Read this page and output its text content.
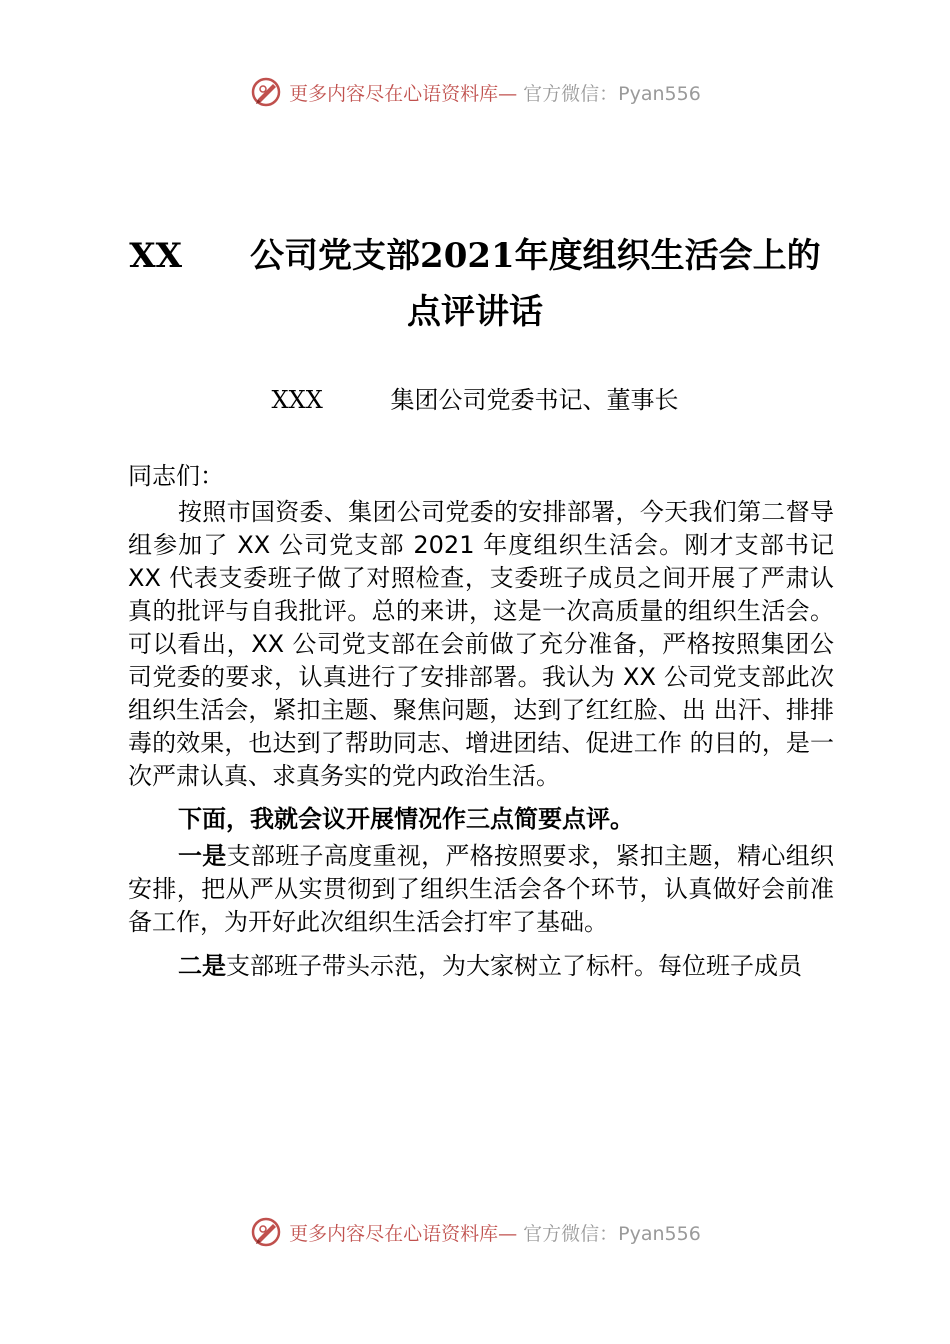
更多内容尽在心语资料库— 官方微信：Pyan556
XX　　公司党支部2021年度组织生活会上的
点评讲话
XXX	集团公司党委书记、董事长
同志们：

按照市国资委、集团公司党委的安排部署，今天我们第二督导组参加了 XX 公司党支部 2021 年度组织生活会。刚才支部书记 XX 代表支委班子做了对照检查，支委班子成员之间开展了严肃认真的批评与自我批评。总的来讲，这是一次高质量的组织生活会。可以看出，XX 公司党支部在会前做了充分准备，严格按照集团公司党委的要求，认真进行了安排部署。我认为 XX 公司党支部此次组织生活会，紧扣主题、聚焦问题，达到了红红脸、出 出汗、排排毒的效果，也达到了帮助同志、增进团结、促进工作 的目的，是一次严肃认真、求真务实的党内政治生活。

下面，我就会议开展情况作三点简要点评。

一是支部班子高度重视，严格按照要求，紧扣主题，精心组织安排，把从严从实贯彻到了组织生活会各个环节，认真做好会前准备工作，为开好此次组织生活会打牢了基础。

二是支部班子带头示范，为大家树立了标杆。每位班子成员

更多内容尽在心语资料库— 官方微信：Pyan556
